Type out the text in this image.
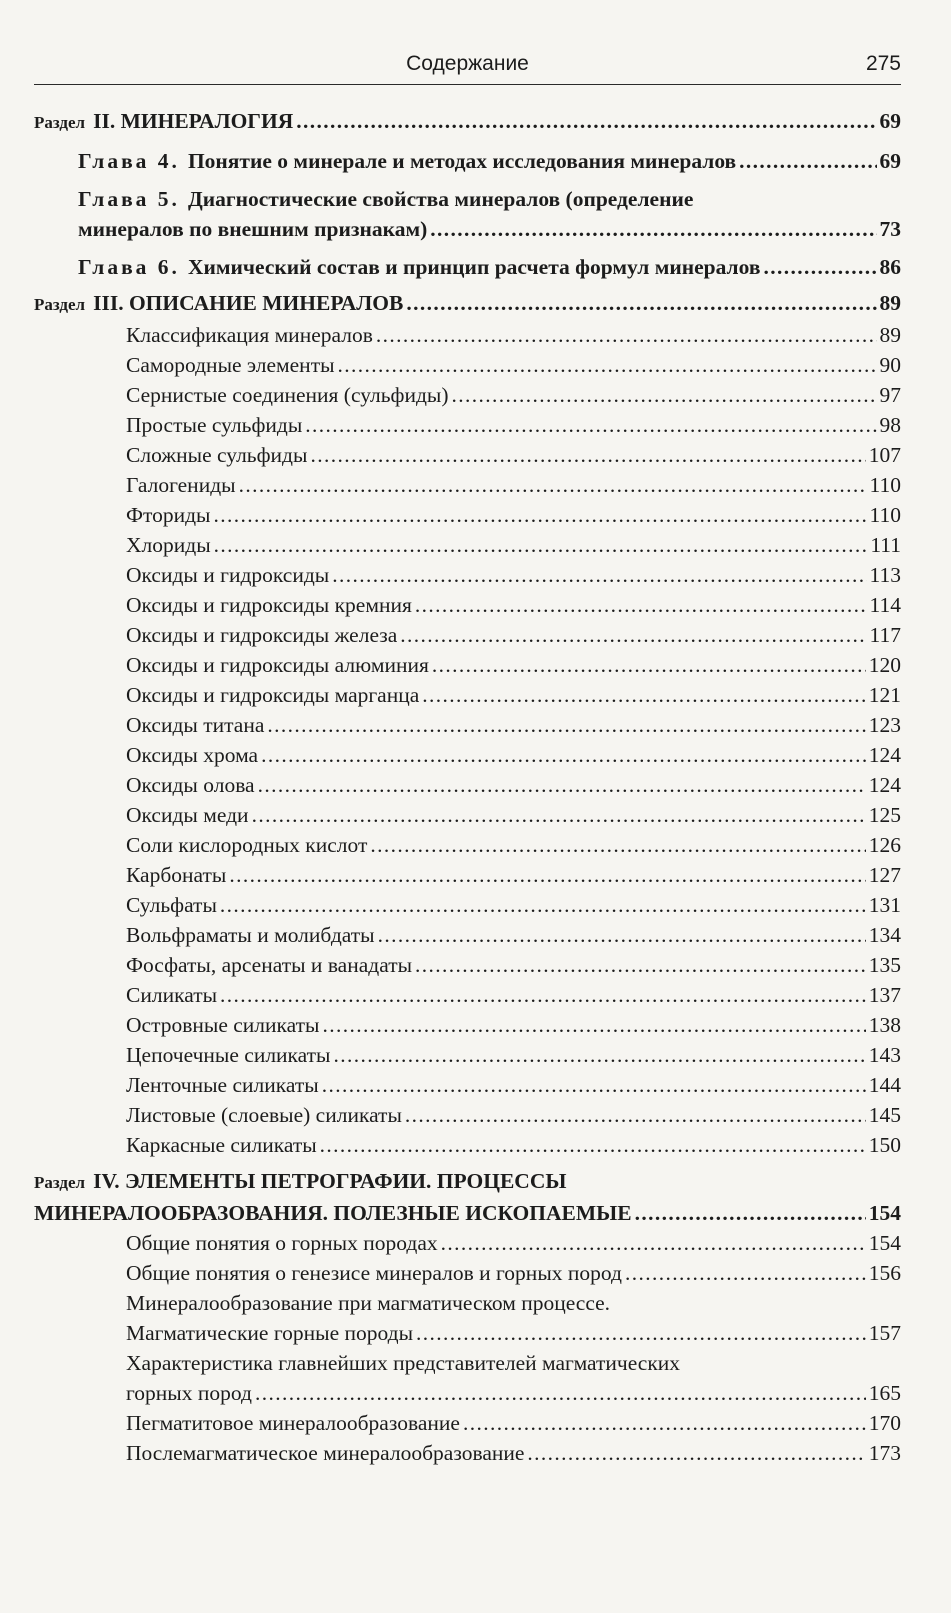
Содержание	275
Раздел II. МИНЕРАЛОГИЯ . . .	69
Глава 4. Понятие о минерале и методах исследования минералов . . .	69
Глава 5. Диагностические свойства минералов (определение
минералов по внешним признакам) . . .	73
Глава 6. Химический состав и принцип расчета формул минералов . . .	86
Раздел III. ОПИСАНИЕ МИНЕРАЛОВ . . .	89
Классификация минералов . . .	89
Самородные элементы . . .	90
Сернистые соединения (сульфиды) . . .	97
Простые сульфиды . . .	98
Сложные сульфиды . . .	107
Галогениды . . .	110
Фториды . . .	110
Хлориды . . .	111
Оксиды и гидроксиды . . .	113
Оксиды и гидроксиды кремния . . .	114
Оксиды и гидроксиды железа . . .	117
Оксиды и гидроксиды алюминия . . .	120
Оксиды и гидроксиды марганца . . .	121
Оксиды титана . . .	123
Оксиды хрома . . .	124
Оксиды олова . . .	124
Оксиды меди . . .	125
Соли кислородных кислот . . .	126
Карбонаты . . .	127
Сульфаты . . .	131
Вольфраматы и молибдаты . . .	134
Фосфаты, арсенаты и ванадаты . . .	135
Силикаты . . .	137
Островные силикаты . . .	138
Цепочечные силикаты . . .	143
Ленточные силикаты . . .	144
Листовые (слоевые) силикаты . . .	145
Каркасные силикаты . . .	150
Раздел IV. ЭЛЕМЕНТЫ ПЕТРОГРАФИИ. ПРОЦЕССЫ
МИНЕРАЛООБРАЗОВАНИЯ. ПОЛЕЗНЫЕ ИСКОПАЕМЫЕ . . .	154
Общие понятия о горных породах . . .	154
Общие понятия о генезисе минералов и горных пород . . .	156
Минералообразование при магматическом процессе.
Магматические горные породы . . .	157
Характеристика главнейших представителей магматических
горных пород . . .	165
Пегматитовое минералообразование . . .	170
Послемагматическое минералообразование . . .	173
